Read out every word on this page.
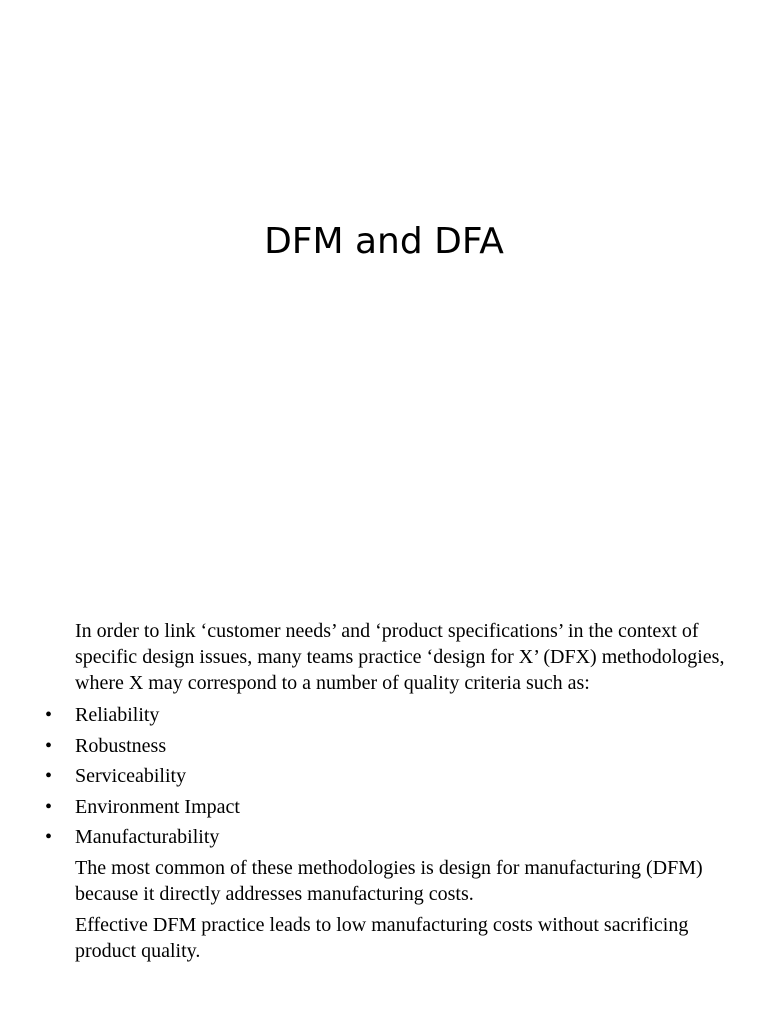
DFM and DFA

In order to link ‘customer needs’ and ‘product specifications’ in the context of specific design issues, many teams practice ‘design for X’ (DFX) methodologies, where X may correspond to a number of quality criteria such as:

• Reliability
• Robustness
• Serviceability
• Environment Impact
• Manufacturability

The most common of these methodologies is design for manufacturing (DFM) because it directly addresses manufacturing costs.

Effective DFM practice leads to low manufacturing costs without sacrificing product quality.
